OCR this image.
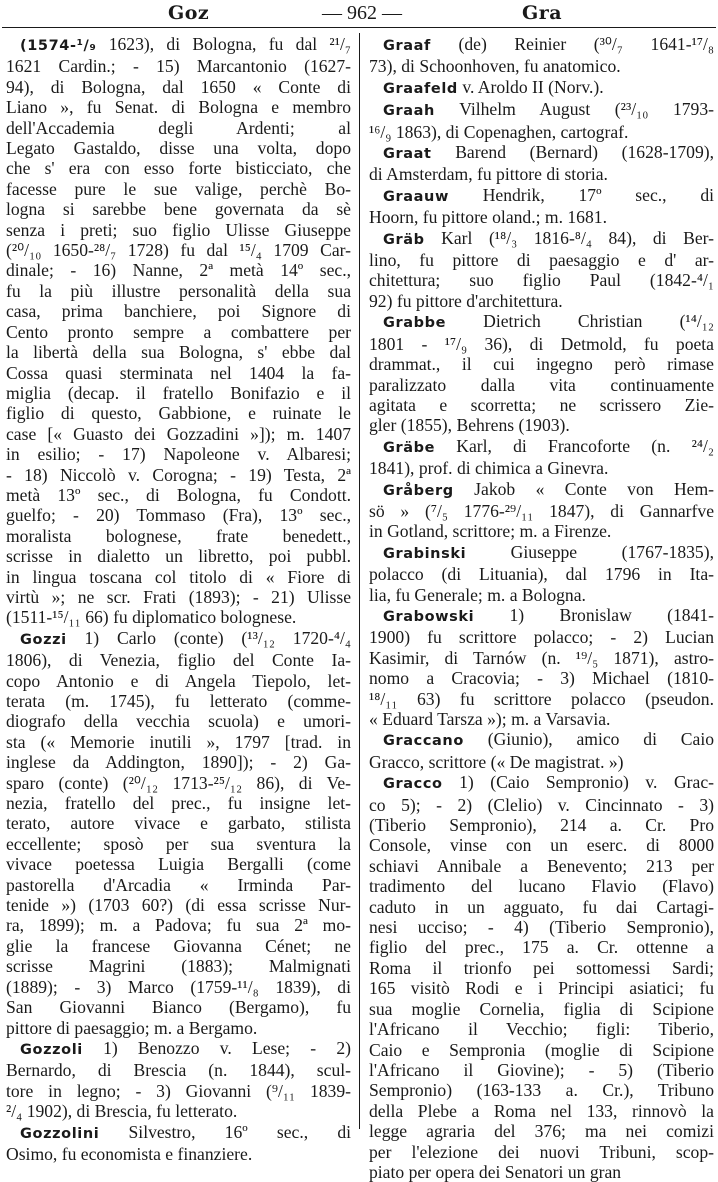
Goz	— 962 —	Gra
(1574-¹/₉ 1623), di Bologna, fu dal ²¹/₇
1621 Cardin.; - 15) Marcantonio (1627-
94), di Bologna, dal 1650 « Conte di
Liano », fu Senat. di Bologna e membro
dell'Accademia degli Ardenti; al
Legato Gastaldo, disse una volta, dopo
che s' era con esso forte bisticciato, che
facesse pure le sue valige, perchè Bo-
logna si sarebbe bene governata da sè
senza i preti; suo figlio Ulisse Giuseppe
(²⁰/₁₀ 1650-²⁸/₇ 1728) fu dal ¹⁵/₄ 1709 Car-
dinale; - 16) Nanne, 2ª metà 14º sec.,
fu la più illustre personalità della sua
casa, prima banchiere, poi Signore di
Cento pronto sempre a combattere per
la libertà della sua Bologna, s' ebbe dal
Cossa quasi sterminata nel 1404 la fa-
miglia (decap. il fratello Bonifazio e il
figlio di questo, Gabbione, e ruinate le
case [« Guasto dei Gozzadini »]); m. 1407
in esilio; - 17) Napoleone v. Albaresi;
- 18) Niccolò v. Corogna; - 19) Testa, 2ª
metà 13º sec., di Bologna, fu Condott.
guelfo; - 20) Tommaso (Fra), 13º sec.,
moralista bolognese, frate benedett.,
scrisse in dialetto un libretto, poi pubbl.
in lingua toscana col titolo di « Fiore di
virtù »; ne scr. Frati (1893); - 21) Ulisse
(1511-¹⁵/₁₁ 66) fu diplomatico bolognese.
Gozzi 1) Carlo (conte) (¹³/₁₂ 1720-⁴/₄
1806), di Venezia, figlio del Conte Ia-
copo Antonio e di Angela Tiepolo, let-
terata (m. 1745), fu letterato (comme-
diografo della vecchia scuola) e umori-
sta (« Memorie inutili », 1797 [trad. in
inglese da Addington, 1890]); - 2) Ga-
sparo (conte) (²⁰/₁₂ 1713-²⁵/₁₂ 86), di Ve-
nezia, fratello del prec., fu insigne let-
terato, autore vivace e garbato, stilista
eccellente; sposò per sua sventura la
vivace poetessa Luigia Bergalli (come
pastorella d'Arcadia « Irminda Par-
tenide ») (1703 60?) (di essa scrisse Nur-
ra, 1899); m. a Padova; fu sua 2ª mo-
glie la francese Giovanna Cénet; ne
scrisse Magrini (1883); Malmignati
(1889); - 3) Marco (1759-¹¹/₈ 1839), di
San Giovanni Bianco (Bergamo), fu
pittore di paesaggio; m. a Bergamo.
Gozzoli 1) Benozzo v. Lese; - 2)
Bernardo, di Brescia (n. 1844), scul-
tore in legno; - 3) Giovanni (⁹/₁₁ 1839-
²/₄ 1902), di Brescia, fu letterato.
Gozzolini Silvestro, 16º sec., di
Osimo, fu economista e finanziere.
Graaf (de) Reinier (³⁰/₇ 1641-¹⁷/₈
73), di Schoonhoven, fu anatomico.
Graafeld v. Aroldo II (Norv.).
Graah Vilhelm August (²³/₁₀ 1793-
¹⁶/₉ 1863), di Copenaghen, cartograf.
Graat Barend (Bernard) (1628-1709),
di Amsterdam, fu pittore di storia.
Graauw Hendrik, 17º sec., di
Hoorn, fu pittore oland.; m. 1681.
Gräb Karl (¹⁸/₃ 1816-⁸/₄ 84), di Ber-
lino, fu pittore di paesaggio e d' ar-
chitettura; suo figlio Paul (1842-⁴/₁
92) fu pittore d'architettura.
Grabbe Dietrich Christian (¹⁴/₁₂
1801 - ¹⁷/₉ 36), di Detmold, fu poeta
drammat., il cui ingegno però rimase
paralizzato dalla vita continuamente
agitata e scorretta; ne scrissero Zie-
gler (1855), Behrens (1903).
Gräbe Karl, di Francoforte (n. ²⁴/₂
1841), prof. di chimica a Ginevra.
Gråberg Jakob « Conte von Hem-
sö » (⁷/₅ 1776-²⁹/₁₁ 1847), di Gannarfve
in Gotland, scrittore; m. a Firenze.
Grabinski Giuseppe (1767-1835),
polacco (di Lituania), dal 1796 in Ita-
lia, fu Generale; m. a Bologna.
Grabowski 1) Bronislaw (1841-
1900) fu scrittore polacco; - 2) Lucian
Kasimir, di Tarnów (n. ¹⁹/₅ 1871), astro-
nomo a Cracovia; - 3) Michael (1810-
¹⁸/₁₁ 63) fu scrittore polacco (pseudon.
« Eduard Tarsza »); m. a Varsavia.
Graccano (Giunio), amico di Caio
Gracco, scrittore (« De magistrat. »)
Gracco 1) (Caio Sempronio) v. Grac-
co 5); - 2) (Clelio) v. Cincinnato - 3)
(Tiberio Sempronio), 214 a. Cr. Pro
Console, vinse con un eserc. di 8000
schiavi Annibale a Benevento; 213 per
tradimento del lucano Flavio (Flavo)
caduto in un agguato, fu dai Cartagi-
nesi ucciso; - 4) (Tiberio Sempronio),
figlio del prec., 175 a. Cr. ottenne a
Roma il trionfo pei sottomessi Sardi;
165 visitò Rodi e i Principi asiatici; fu
sua moglie Cornelia, figlia di Scipione
l'Africano il Vecchio; figli: Tiberio,
Caio e Sempronia (moglie di Scipione
l'Africano il Giovine); - 5) (Tiberio
Sempronio) (163-133 a. Cr.), Tribuno
della Plebe a Roma nel 133, rinnovò la
legge agraria del 376; ma nei comizi
per l'elezione dei nuovi Tribuni, scop-
piato per opera dei Senatori un gran
